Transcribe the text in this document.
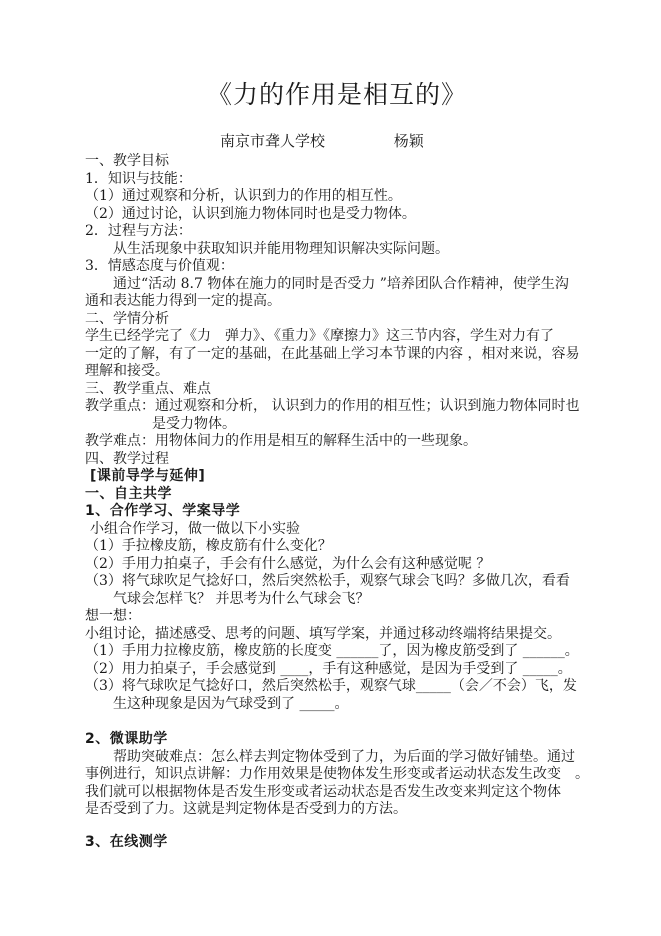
《力的作用是相互的》
南京市聋人学校	杨颖
一、教学目标
1．知识与技能：
（1）通过观察和分析，认识到力的作用的相互性。
（2）通过讨论，认识到施力物体同时也是受力物体。
2．过程与方法：
从生活现象中获取知识并能用物理知识解决实际问题。
3．情感态度与价值观：
通过“活动 8.7 物体在施力的同时是否受力 ”培养团队合作精神，使学生沟
通和表达能力得到一定的提高。
二、学情分析
学生已经学完了《力　弹力》、《重力》《摩擦力》这三节内容，学生对力有了
一定的了解，有了一定的基础，在此基础上学习本节课的内容 ，相对来说，容易
理解和接受。
三、教学重点、难点
教学重点：通过观察和分析， 认识到力的作用的相互性；认识到施力物体同时也
是受力物体。
教学难点：用物体间力的作用是相互的解释生活中的一些现象。
四、教学过程
[课前导学与延伸]
一、自主共学
1、合作学习、学案导学
小组合作学习，做一做以下小实验
（1）手拉橡皮筋，橡皮筋有什么变化？
（2）手用力拍桌子，手会有什么感觉，为什么会有这种感觉呢 ？
（3）将气球吹足气捻好口，然后突然松手，观察气球会飞吗？多做几次，看看
气球会怎样飞？ 并思考为什么气球会飞？
想一想：
小组讨论，描述感受、思考的问题、填写学案，并通过移动终端将结果提交。
（1）手用力拉橡皮筋，橡皮筋的长度变 ______了，因为橡皮筋受到了 ______。
（2）用力拍桌子，手会感觉到 ____，手有这种感觉，是因为手受到了 _____。
（3）将气球吹足气捻好口，然后突然松手，观察气球_____（会／不会）飞，发
生这种现象是因为气球受到了 _____。
2、微课助学
帮助突破难点：怎么样去判定物体受到了力，为后面的学习做好铺垫。通过
事例进行，知识点讲解：力作用效果是使物体发生形变或者运动状态发生改变　。
我们就可以根据物体是否发生形变或者运动状态是否发生改变来判定这个物体
是否受到了力。这就是判定物体是否受到力的方法。
3、在线测学
